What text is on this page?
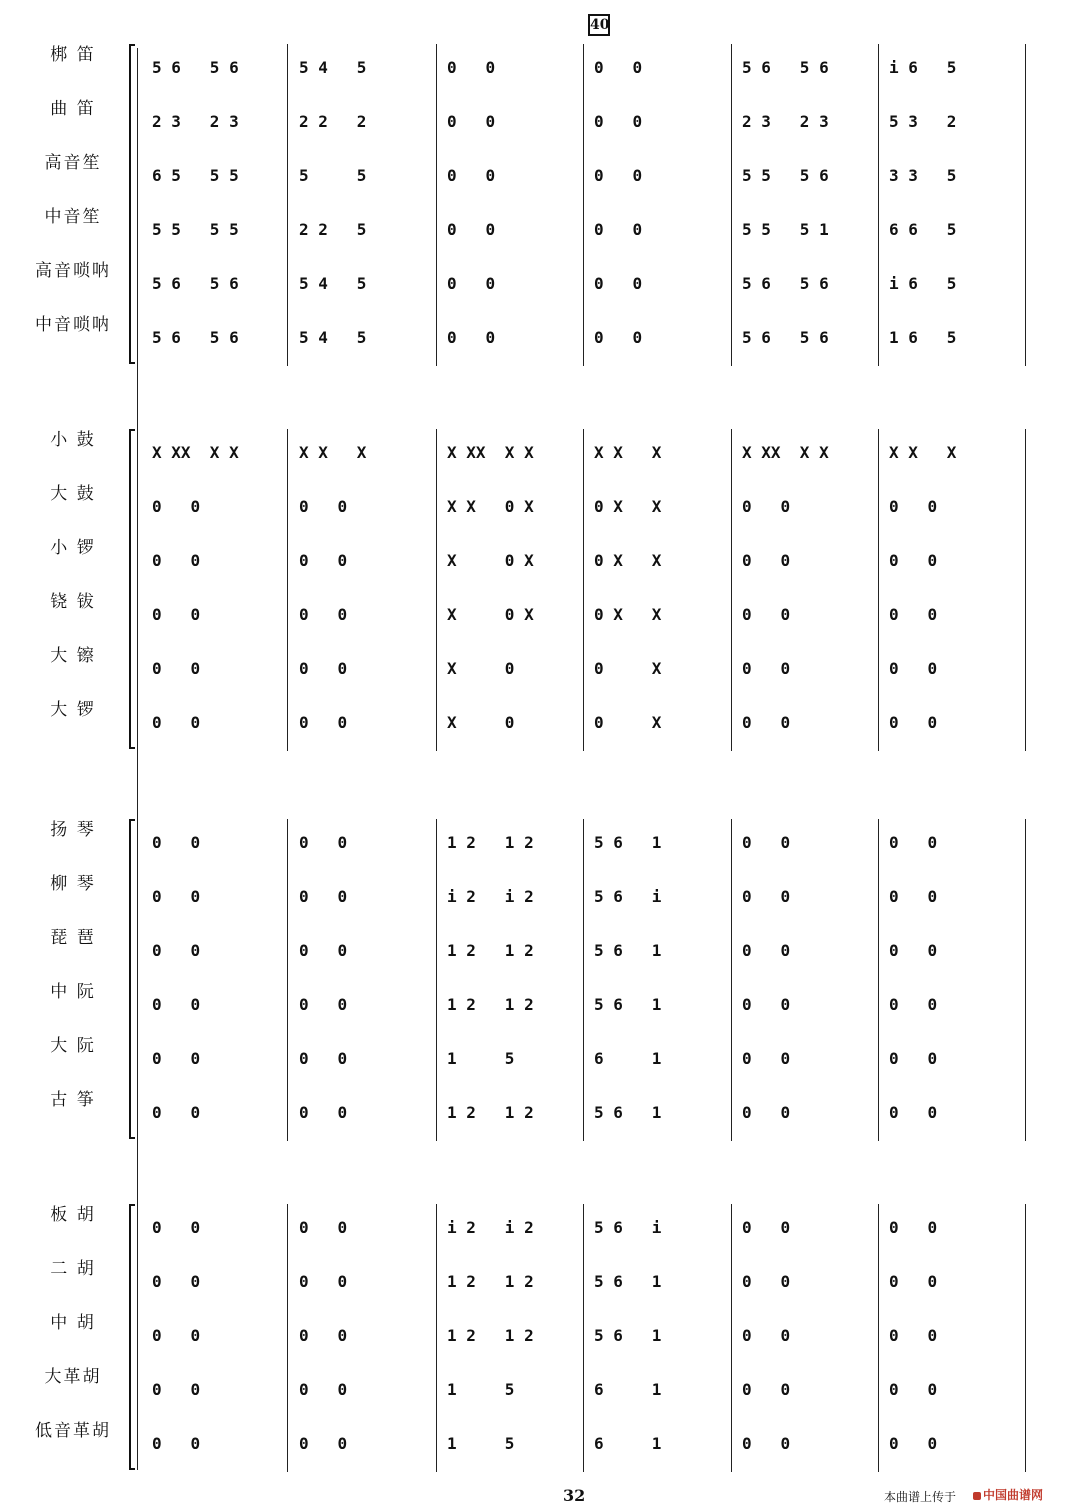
40
梆 笛
5 6   5 6	5 4   5	0   0	0   0	5 6   5 6	i 6   5
曲 笛
2 3   2 3	2 2   2	0   0	0   0	2 3   2 3	5 3   2
高音笙
6 5   5 5	5     5	0   0	0   0	5 5   5 6	3 3   5
中音笙
5 5   5 5	2 2   5	0   0	0   0	5 5   5 1	6 6   5
高音唢呐
5 6   5 6	5 4   5	0   0	0   0	5 6   5 6	i 6   5
中音唢呐
5 6   5 6	5 4   5	0   0	0   0	5 6   5 6	1 6   5
小 鼓
X XX  X X	X X   X	X XX  X X	X X   X	X XX  X X	X X   X
大 鼓
0   0	0   0	X X   0 X	0 X   X	0   0	0   0
小 锣
0   0	0   0	X     0 X	0 X   X	0   0	0   0
铙 钹
0   0	0   0	X     0 X	0 X   X	0   0	0   0
大 镲
0   0	0   0	X     0	0     X	0   0	0   0
大 锣
0   0	0   0	X     0	0     X	0   0	0   0
扬 琴
0   0	0   0	1 2   1 2	5 6   1	0   0	0   0
柳 琴
0   0	0   0	i 2   i 2	5 6   i	0   0	0   0
琵 琶
0   0	0   0	1 2   1 2	5 6   1	0   0	0   0
中 阮
0   0	0   0	1 2   1 2	5 6   1	0   0	0   0
大 阮
0   0	0   0	1     5	6     1	0   0	0   0
古 筝
0   0	0   0	1 2   1 2	5 6   1	0   0	0   0
板 胡
0   0	0   0	i 2   i 2	5 6   i	0   0	0   0
二 胡
0   0	0   0	1 2   1 2	5 6   1	0   0	0   0
中 胡
0   0	0   0	1 2   1 2	5 6   1	0   0	0   0
大革胡
0   0	0   0	1     5	6     1	0   0	0   0
低音革胡
0   0	0   0	1     5	6     1	0   0	0   0
32	本曲谱上传于	中国曲谱网
